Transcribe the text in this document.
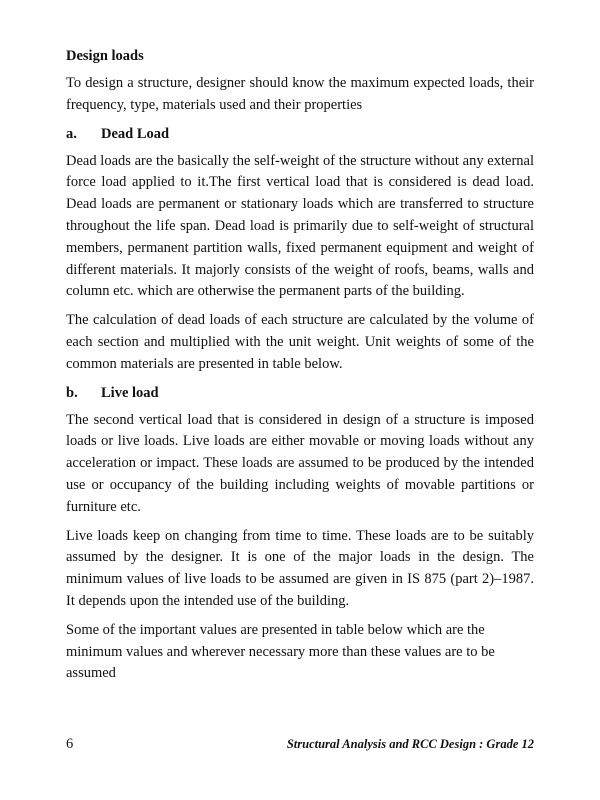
Design loads

To design a structure, designer should know the maximum expected loads, their frequency, type, materials used and their properties

a.	Dead Load

Dead loads are the basically the self-weight of the structure without any external force load applied to it.The first vertical load that is considered is dead load. Dead loads are permanent or stationary loads which are transferred to structure throughout the life span. Dead load is primarily due to self-weight of structural members, permanent partition walls, fixed permanent equipment and weight of different materials. It majorly consists of the weight of roofs, beams, walls and column etc. which are otherwise the permanent parts of the building.

The calculation of dead loads of each structure are calculated by the volume of each section and multiplied with the unit weight. Unit weights of some of the common materials are presented in table below.

b.	Live load

The second vertical load that is considered in design of a structure is imposed loads or live loads. Live loads are either movable or moving loads without any acceleration or impact. These loads are assumed to be produced by the intended use or occupancy of the building including weights of movable partitions or furniture etc.

Live loads keep on changing from time to time. These loads are to be suitably assumed by the designer. It is one of the major loads in the design. The minimum values of live loads to be assumed are given in IS 875 (part 2)–1987. It depends upon the intended use of the building.

Some of the important values are presented in table below which are the minimum values and wherever necessary more than these values are to be assumed

6	Structural Analysis and RCC Design : Grade 12
